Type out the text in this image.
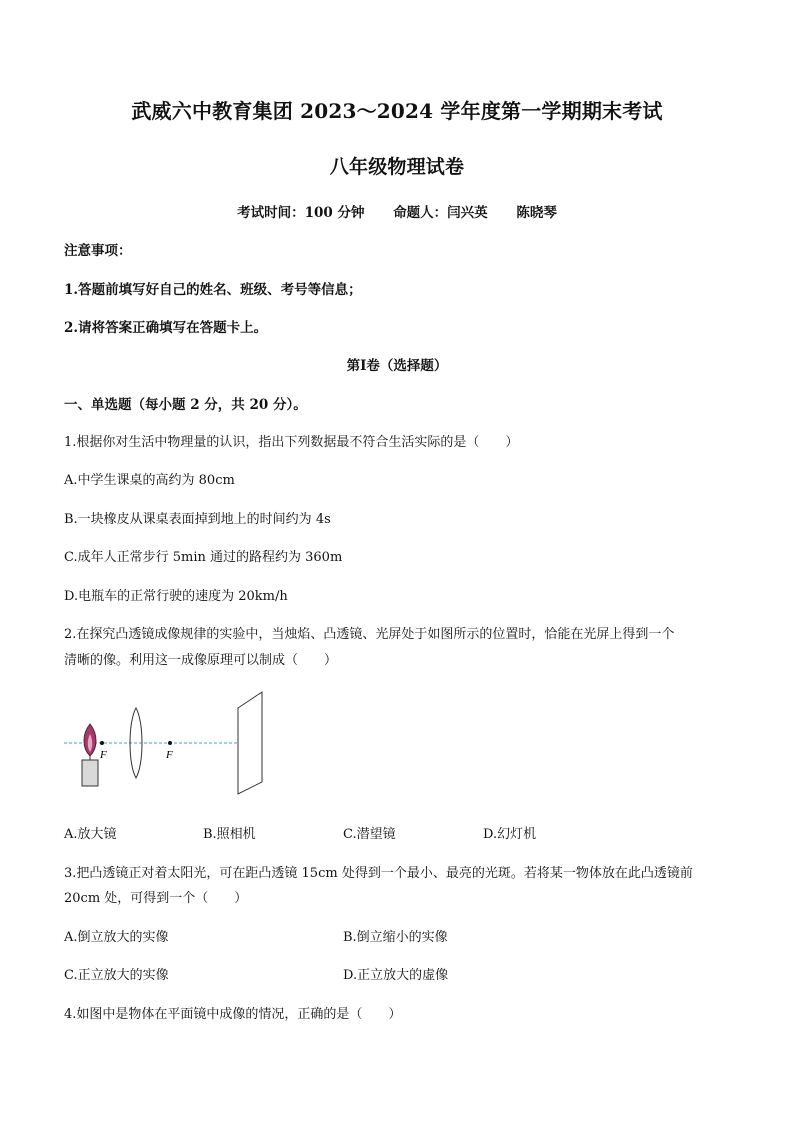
武威六中教育集团 2023～2024 学年度第一学期期末考试
八年级物理试卷
考试时间：100 分钟 命题人：闫兴英 陈晓琴
注意事项：
1.答题前填写好自己的姓名、班级、考号等信息；
2.请将答案正确填写在答题卡上。
第Ⅰ卷（选择题）
一、单选题（每小题 2 分，共 20 分）。
1.根据你对生活中物理量的认识，指出下列数据最不符合生活实际的是（　　）
A.中学生课桌的高约为 80cm
B.一块橡皮从课桌表面掉到地上的时间约为 4s
C.成年人正常步行 5min 通过的路程约为 360m
D.电瓶车的正常行驶的速度为 20km/h
2.在探究凸透镜成像规律的实验中，当烛焰、凸透镜、光屏处于如图所示的位置时，恰能在光屏上得到一个
清晰的像。利用这一成像原理可以制成（　　）
F	F
A.放大镜	B.照相机	C.潜望镜	D.幻灯机
3.把凸透镜正对着太阳光，可在距凸透镜 15cm 处得到一个最小、最亮的光斑。若将某一物体放在此凸透镜前
20cm 处，可得到一个（　　）
A.倒立放大的实像	B.倒立缩小的实像
C.正立放大的实像	D.正立放大的虚像
4.如图中是物体在平面镜中成像的情况，正确的是（　　）
